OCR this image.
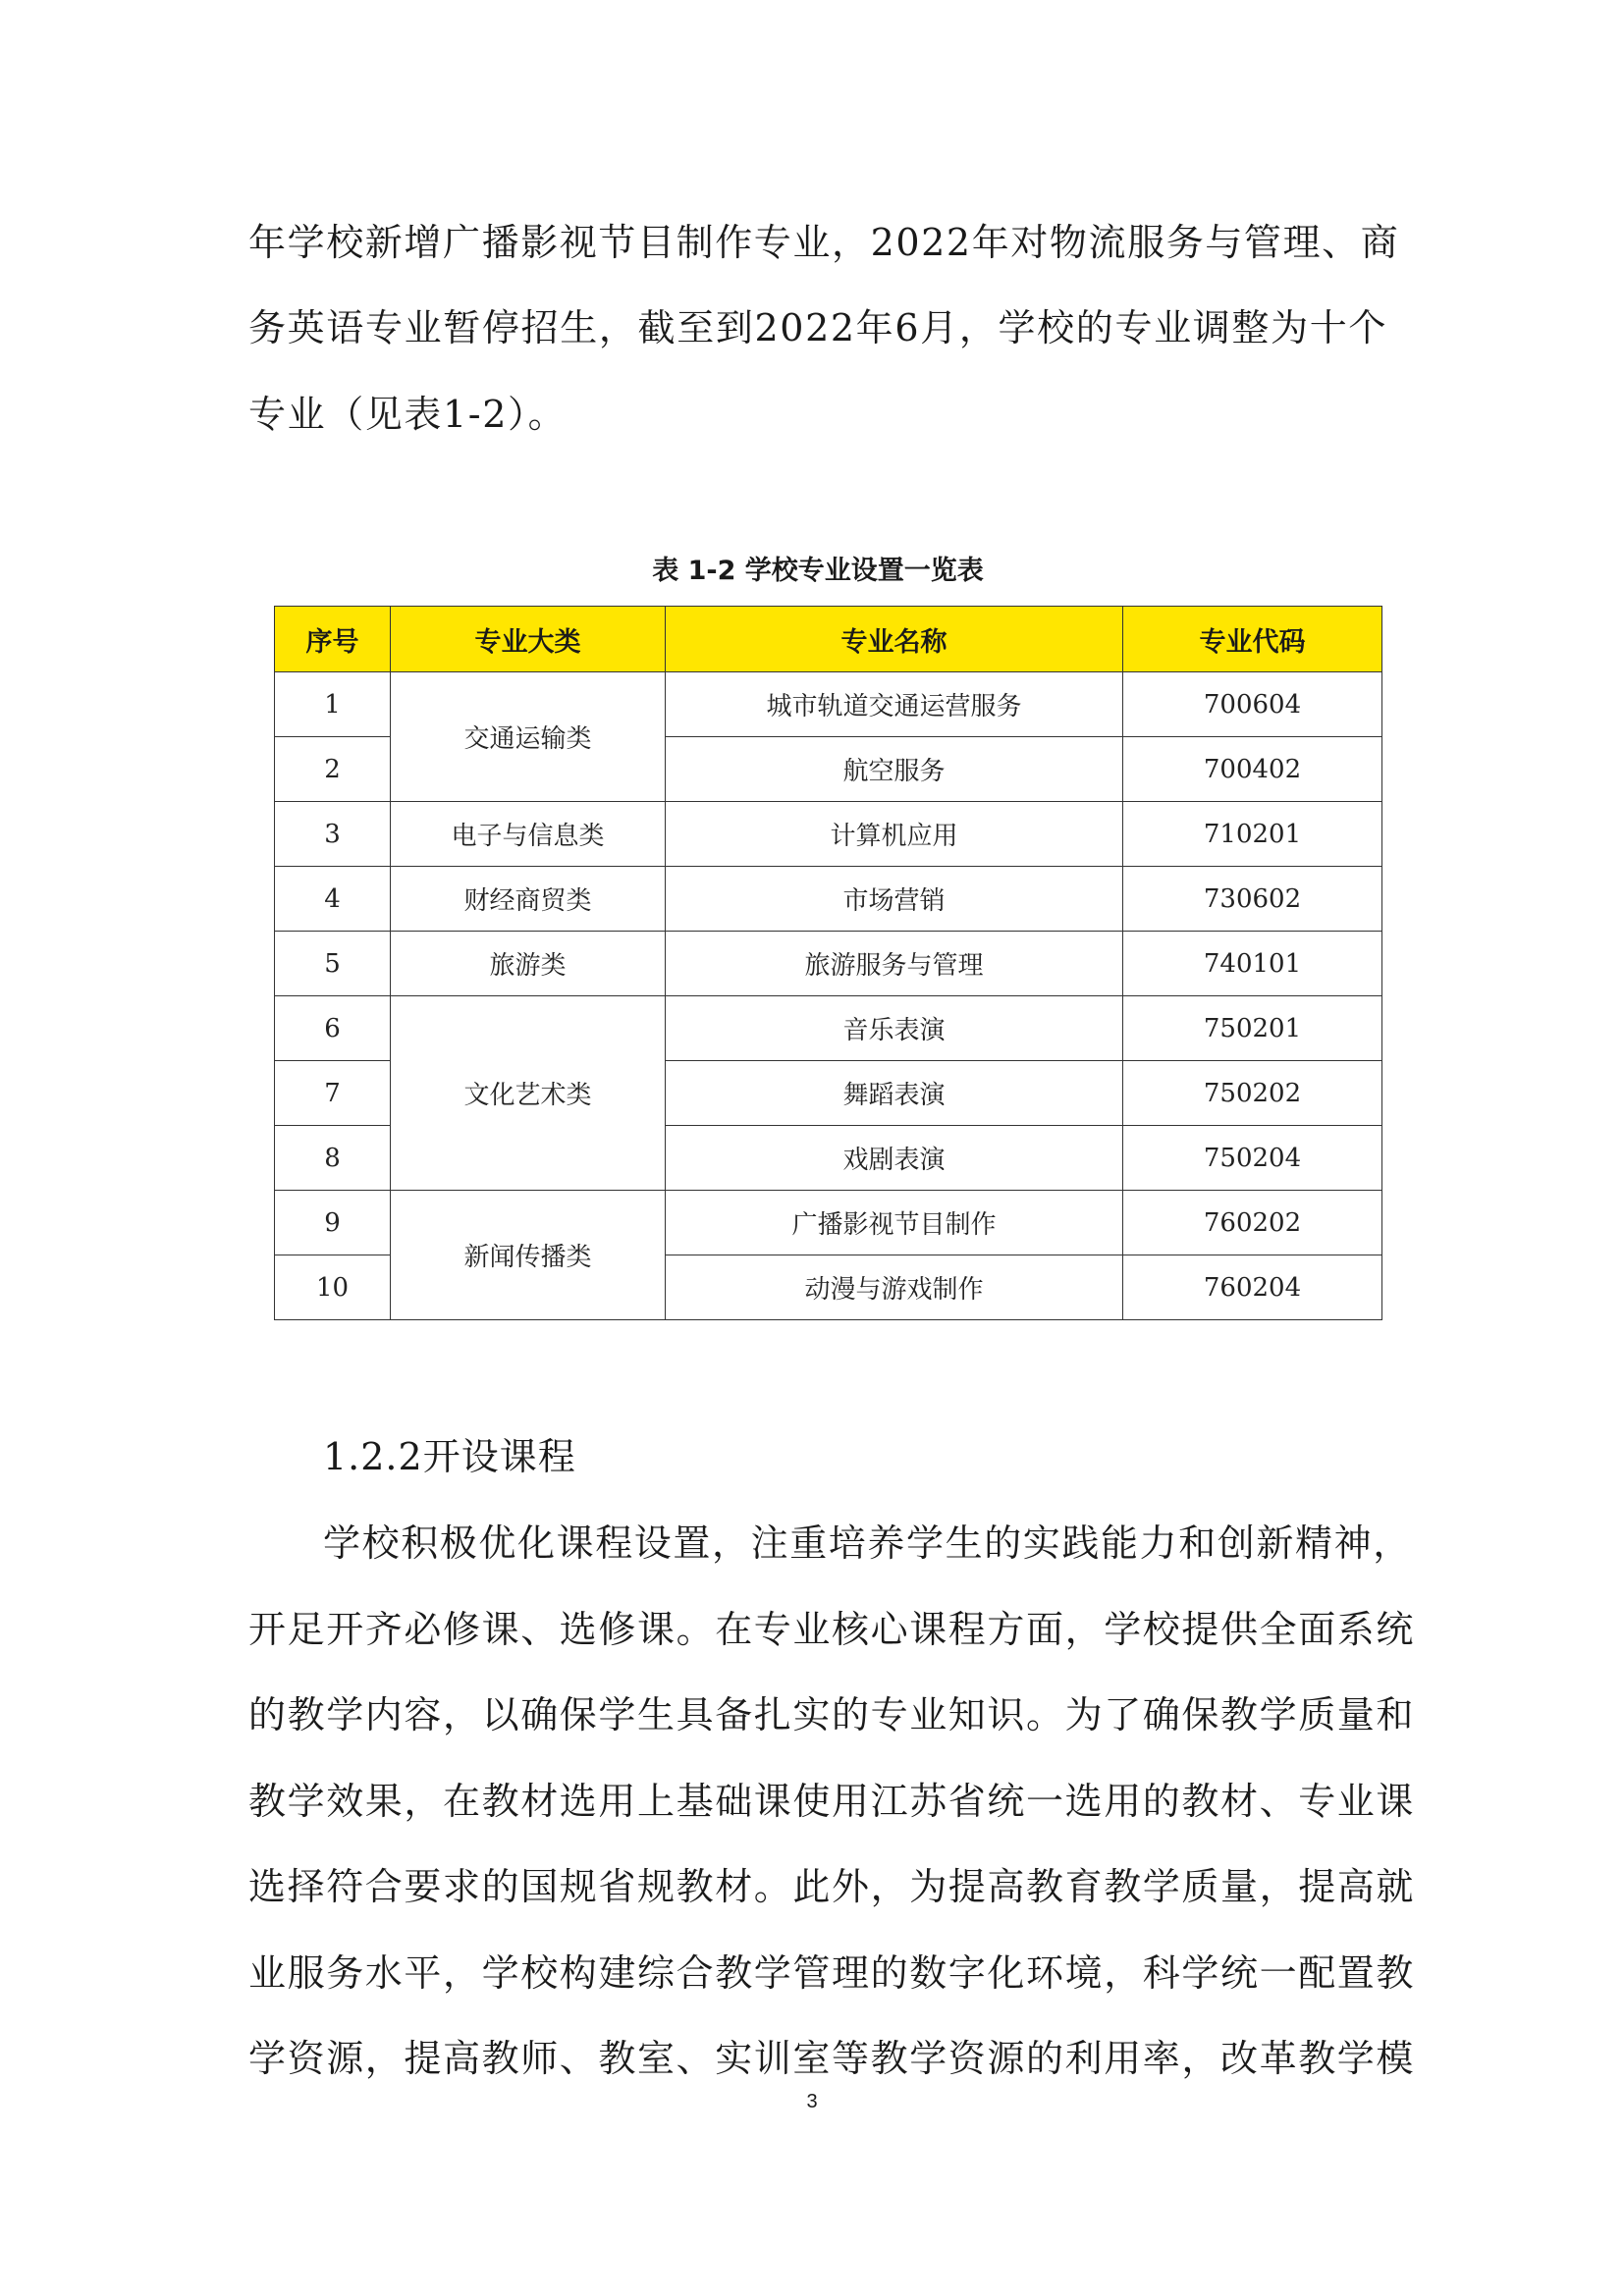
年学校新增广播影视节目制作专业，2022年对物流服务与管理、商
务英语专业暂停招生，截至到2022年6月，学校的专业调整为十个
专业（见表1-2）。
表 1-2 学校专业设置一览表
序号	专业大类	专业名称	专业代码
1	交通运输类	城市轨道交通运营服务	700604
2		航空服务	700402
3	电子与信息类	计算机应用	710201
4	财经商贸类	市场营销	730602
5	旅游类	旅游服务与管理	740101
6	文化艺术类	音乐表演	750201
7		舞蹈表演	750202
8		戏剧表演	750204
9	新闻传播类	广播影视节目制作	760202
10		动漫与游戏制作	760204
1.2.2开设课程
学校积极优化课程设置，注重培养学生的实践能力和创新精神，
开足开齐必修课、选修课。在专业核心课程方面，学校提供全面系统
的教学内容，以确保学生具备扎实的专业知识。为了确保教学质量和
教学效果，在教材选用上基础课使用江苏省统一选用的教材、专业课
选择符合要求的国规省规教材。此外，为提高教育教学质量，提高就
业服务水平，学校构建综合教学管理的数字化环境，科学统一配置教
学资源，提高教师、教室、实训室等教学资源的利用率，改革教学模
3
